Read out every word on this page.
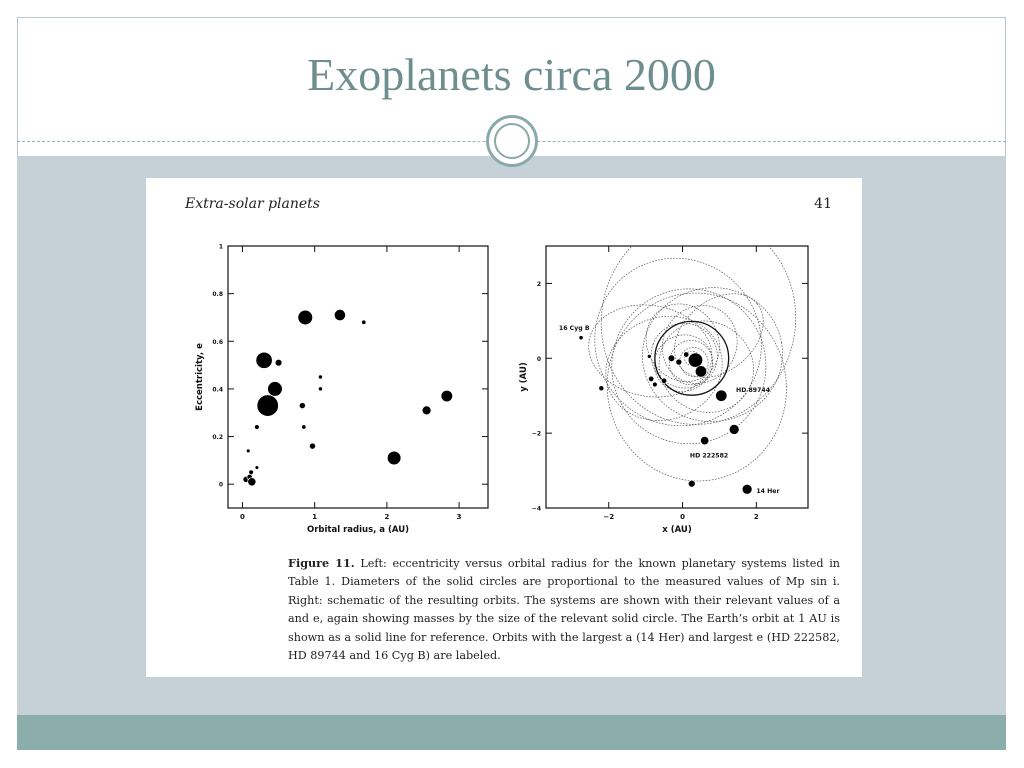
Exoplanets circa 2000
Extra-solar planets	41
0	1	2	3
0
0.2
0.4
0.6
0.8
1
Orbital radius, a (AU)
Eccentricity, e
−2	0	2
−4
−2
0
2
x (AU)
y (AU)
16 Cyg B
HD 89744
HD 222582
14 Her
Figure 11. Left: eccentricity versus orbital radius for the known planetary systems listed in Table 1. Diameters of the solid circles are proportional to the measured values of Mp sin i. Right: schematic of the resulting orbits. The systems are shown with their relevant values of a and e, again showing masses by the size of the relevant solid circle. The Earth’s orbit at 1 AU is shown as a solid line for reference. Orbits with the largest a (14 Her) and largest e (HD 222582, HD 89744 and 16 Cyg B) are labeled.
